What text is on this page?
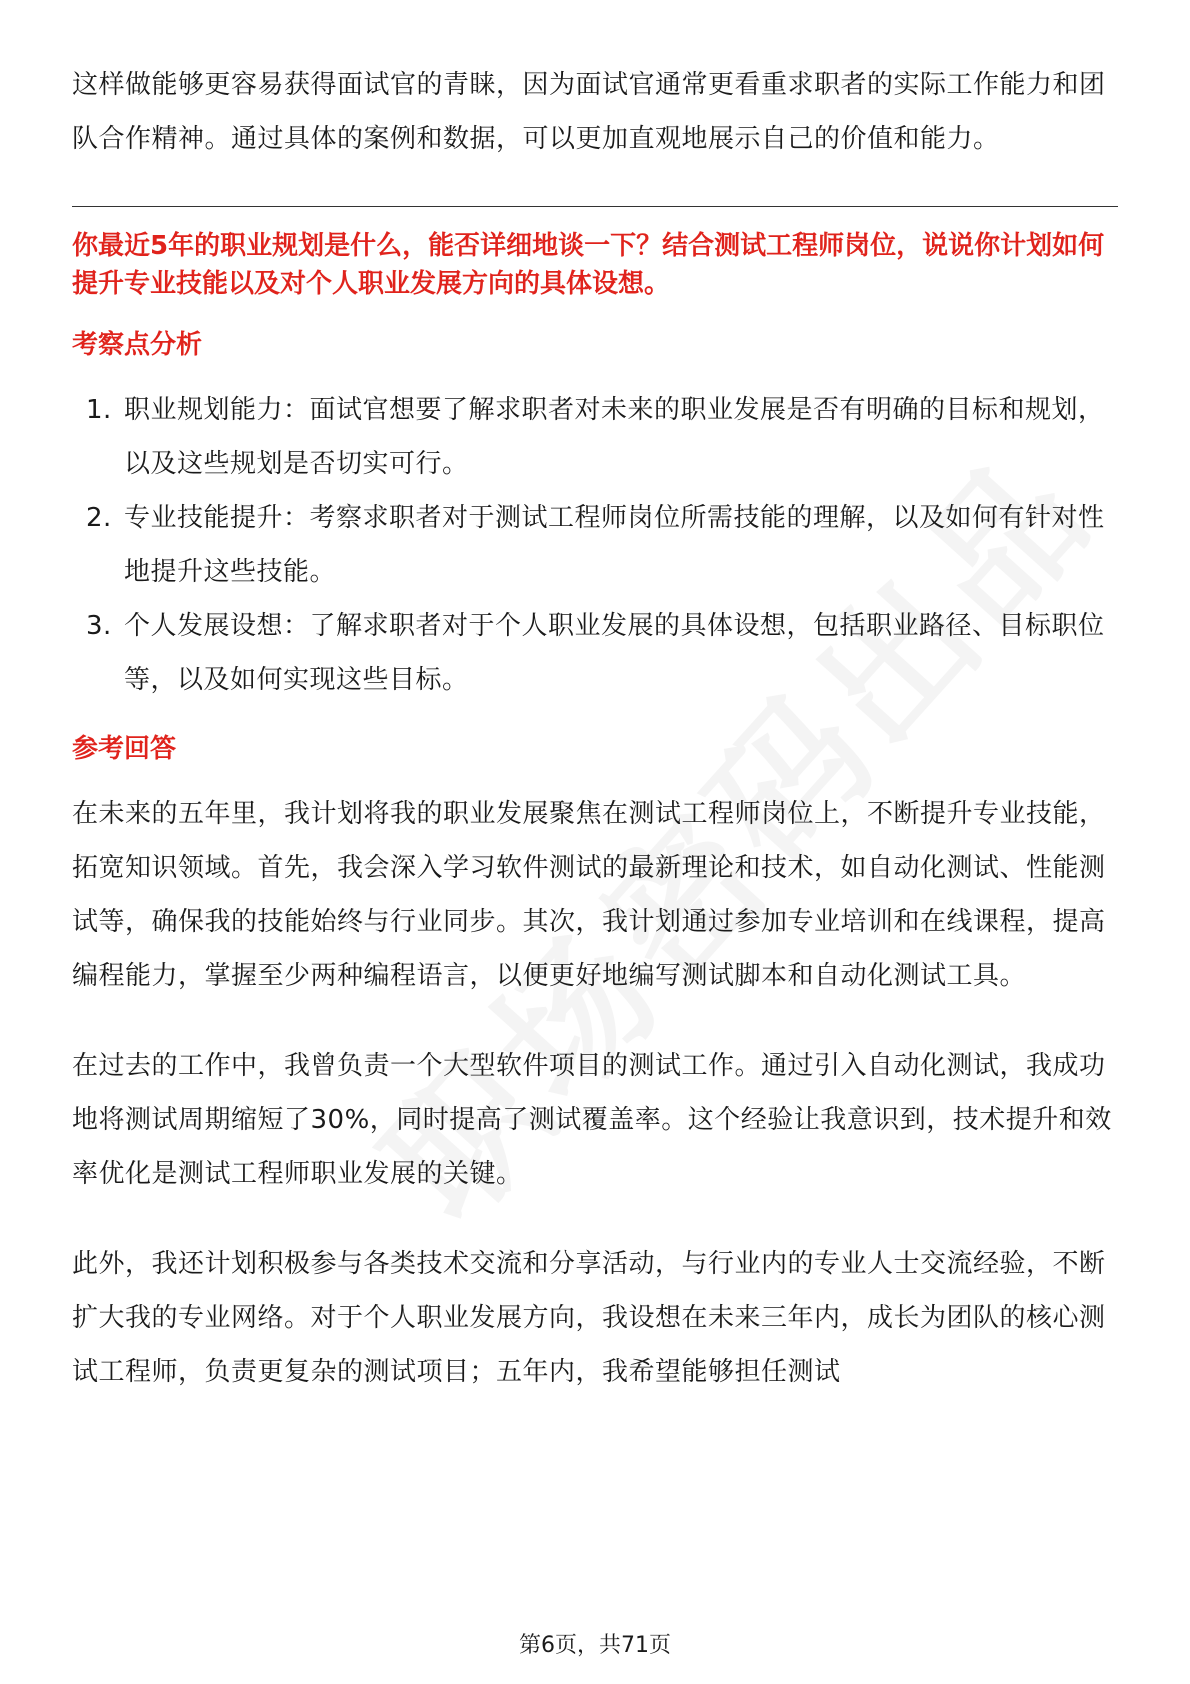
这样做能够更容易获得面试官的青睐，因为面试官通常更看重求职者的实际工作能力和团队合作精神。通过具体的案例和数据，可以更加直观地展示自己的价值和能力。

你最近5年的职业规划是什么，能否详细地谈一下？结合测试工程师岗位，说说你计划如何提升专业技能以及对个人职业发展方向的具体设想。

考察点分析
1. 职业规划能力：面试官想要了解求职者对未来的职业发展是否有明确的目标和规划，以及这些规划是否切实可行。
2. 专业技能提升：考察求职者对于测试工程师岗位所需技能的理解，以及如何有针对性地提升这些技能。
3. 个人发展设想：了解求职者对于个人职业发展的具体设想，包括职业路径、目标职位等，以及如何实现这些目标。
参考回答

在未来的五年里，我计划将我的职业发展聚焦在测试工程师岗位上，不断提升专业技能，拓宽知识领域。首先，我会深入学习软件测试的最新理论和技术，如自动化测试、性能测试等，确保我的技能始终与行业同步。其次，我计划通过参加专业培训和在线课程，提高编程能力，掌握至少两种编程语言，以便更好地编写测试脚本和自动化测试工具。

在过去的工作中，我曾负责一个大型软件项目的测试工作。通过引入自动化测试，我成功地将测试周期缩短了30%，同时提高了测试覆盖率。这个经验让我意识到，技术提升和效率优化是测试工程师职业发展的关键。

此外，我还计划积极参与各类技术交流和分享活动，与行业内的专业人士交流经验，不断扩大我的专业网络。对于个人职业发展方向，我设想在未来三年内，成长为团队的核心测试工程师，负责更复杂的测试项目；五年内，我希望能够担任测试

第6页，共71页
